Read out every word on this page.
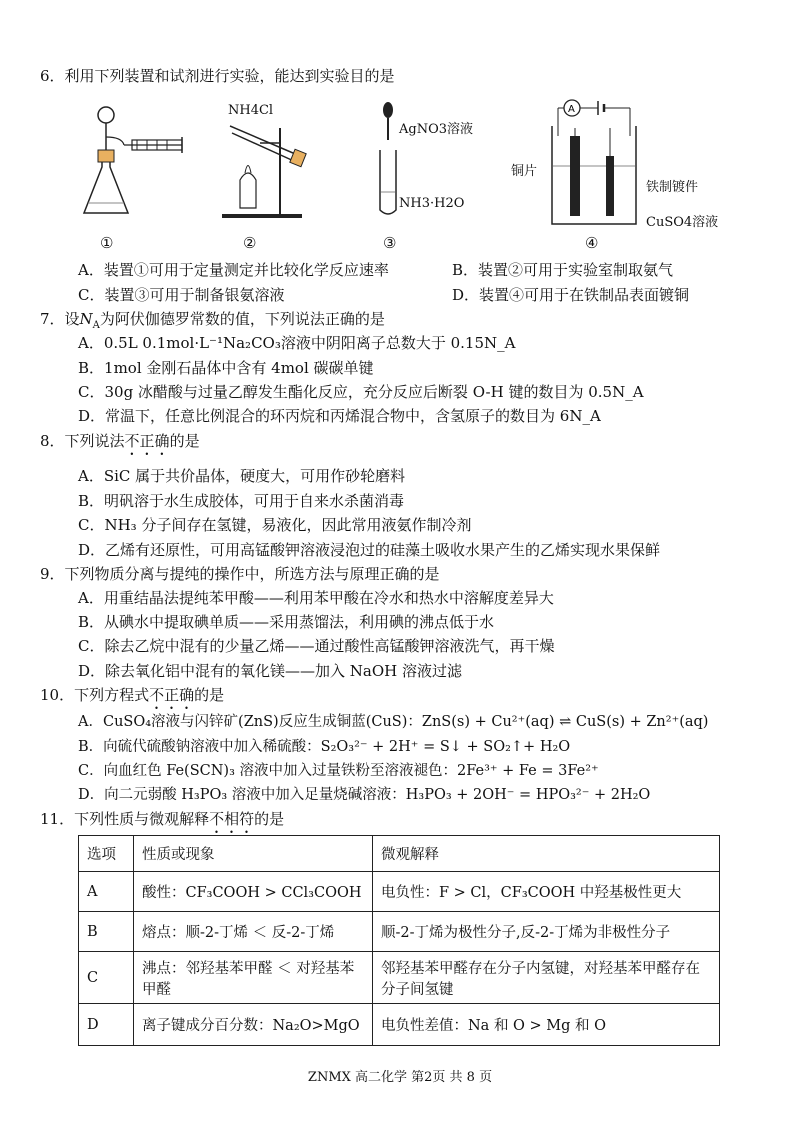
6．利用下列装置和试剂进行实验，能达到实验目的是
①
NH4Cl
②
AgNO3溶液
NH3·H2O
③
A
铜片
铁制镀件
CuSO4溶液
④
A．装置①可用于定量测定并比较化学反应速率	B．装置②可用于实验室制取氨气
C．装置③可用于制备银氨溶液	D．装置④可用于在铁制品表面镀铜
7．设$N_A$为阿伏伽德罗常数的值，下列说法正确的是
A．0.5L 0.1mol·L⁻¹Na₂CO₃溶液中阴阳离子总数大于 0.15N_A
B．1mol 金刚石晶体中含有 4mol 碳碳单键
C．30g 冰醋酸与过量乙醇发生酯化反应，充分反应后断裂 O-H 键的数目为 0.5N_A
D．常温下，任意比例混合的环丙烷和丙烯混合物中，含氢原子的数目为 6N_A
8．下列说法不正确的是
A．SiC 属于共价晶体，硬度大，可用作砂轮磨料
B．明矾溶于水生成胶体，可用于自来水杀菌消毒
C．NH₃ 分子间存在氢键，易液化，因此常用液氨作制冷剂
D．乙烯有还原性，可用高锰酸钾溶液浸泡过的硅藻土吸收水果产生的乙烯实现水果保鲜
9．下列物质分离与提纯的操作中，所选方法与原理正确的是
A．用重结晶法提纯苯甲酸——利用苯甲酸在冷水和热水中溶解度差异大
B．从碘水中提取碘单质——采用蒸馏法，利用碘的沸点低于水
C．除去乙烷中混有的少量乙烯——通过酸性高锰酸钾溶液洗气，再干燥
D．除去氧化铝中混有的氧化镁——加入 NaOH 溶液过滤
10．下列方程式不正确的是
A．CuSO₄溶液与闪锌矿(ZnS)反应生成铜蓝(CuS)：ZnS(s) + Cu²⁺(aq) ⇌ CuS(s) + Zn²⁺(aq)
B．向硫代硫酸钠溶液中加入稀硫酸：S₂O₃²⁻ + 2H⁺ = S↓ + SO₂↑+ H₂O
C．向血红色 Fe(SCN)₃ 溶液中加入过量铁粉至溶液褪色：2Fe³⁺ + Fe = 3Fe²⁺
D．向二元弱酸 H₃PO₃ 溶液中加入足量烧碱溶液：H₃PO₃ + 2OH⁻ = HPO₃²⁻ + 2H₂O
11．下列性质与微观解释不相符的是
选项	性质或现象	微观解释
A	酸性：CF₃COOH > CCl₃COOH	电负性：F > Cl，CF₃COOH 中羟基极性更大
B	熔点：顺-2-丁烯 ＜ 反-2-丁烯	顺-2-丁烯为极性分子,反-2-丁烯为非极性分子
C	沸点：邻羟基苯甲醛 ＜ 对羟基苯甲醛	邻羟基苯甲醛存在分子内氢键，对羟基苯甲醛存在分子间氢键
D	离子键成分百分数：Na₂O>MgO	电负性差值：Na 和 O > Mg 和 O
ZNMX 高二化学 第2页 共 8 页
